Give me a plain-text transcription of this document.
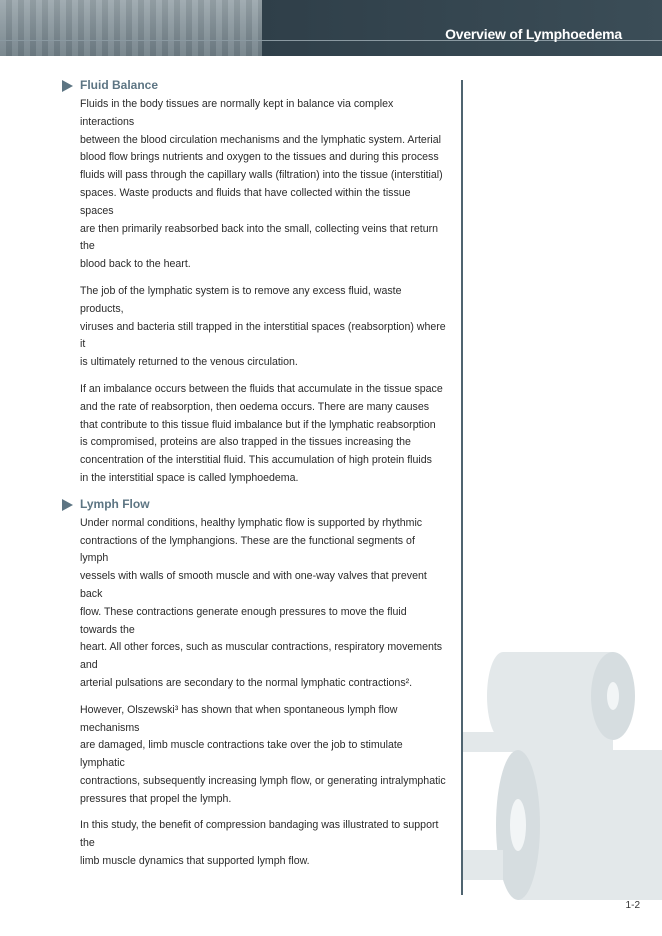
Overview of Lymphoedema
Fluid Balance

Fluids in the body tissues are normally kept in balance via complex interactions
between the blood circulation mechanisms and the lymphatic system. Arterial
blood flow brings nutrients and oxygen to the tissues and during this process
fluids will pass through the capillary walls (filtration) into the tissue (interstitial)
spaces. Waste products and fluids that have collected within the tissue spaces
are then primarily reabsorbed back into the small, collecting veins that return the
blood back to the heart.

The job of the lymphatic system is to remove any excess fluid, waste products,
viruses and bacteria still trapped in the interstitial spaces (reabsorption) where it
is ultimately returned to the venous circulation.

If an imbalance occurs between the fluids that accumulate in the tissue space
and the rate of reabsorption, then oedema occurs. There are many causes
that contribute to this tissue fluid imbalance but if the lymphatic reabsorption
is compromised, proteins are also trapped in the tissues increasing the
concentration of the interstitial fluid. This accumulation of high protein fluids
in the interstitial space is called lymphoedema.

Lymph Flow

Under normal conditions, healthy lymphatic flow is supported by rhythmic
contractions of the lymphangions. These are the functional segments of lymph
vessels with walls of smooth muscle and with one-way valves that prevent back
flow. These contractions generate enough pressures to move the fluid towards the
heart. All other forces, such as muscular contractions, respiratory movements and
arterial pulsations are secondary to the normal lymphatic contractions².

However, Olszewski³ has shown that when spontaneous lymph flow mechanisms
are damaged, limb muscle contractions take over the job to stimulate lymphatic
contractions, subsequently increasing lymph flow, or generating intralymphatic
pressures that propel the lymph.

In this study, the benefit of compression bandaging was illustrated to support the
limb muscle dynamics that supported lymph flow.

1-2
